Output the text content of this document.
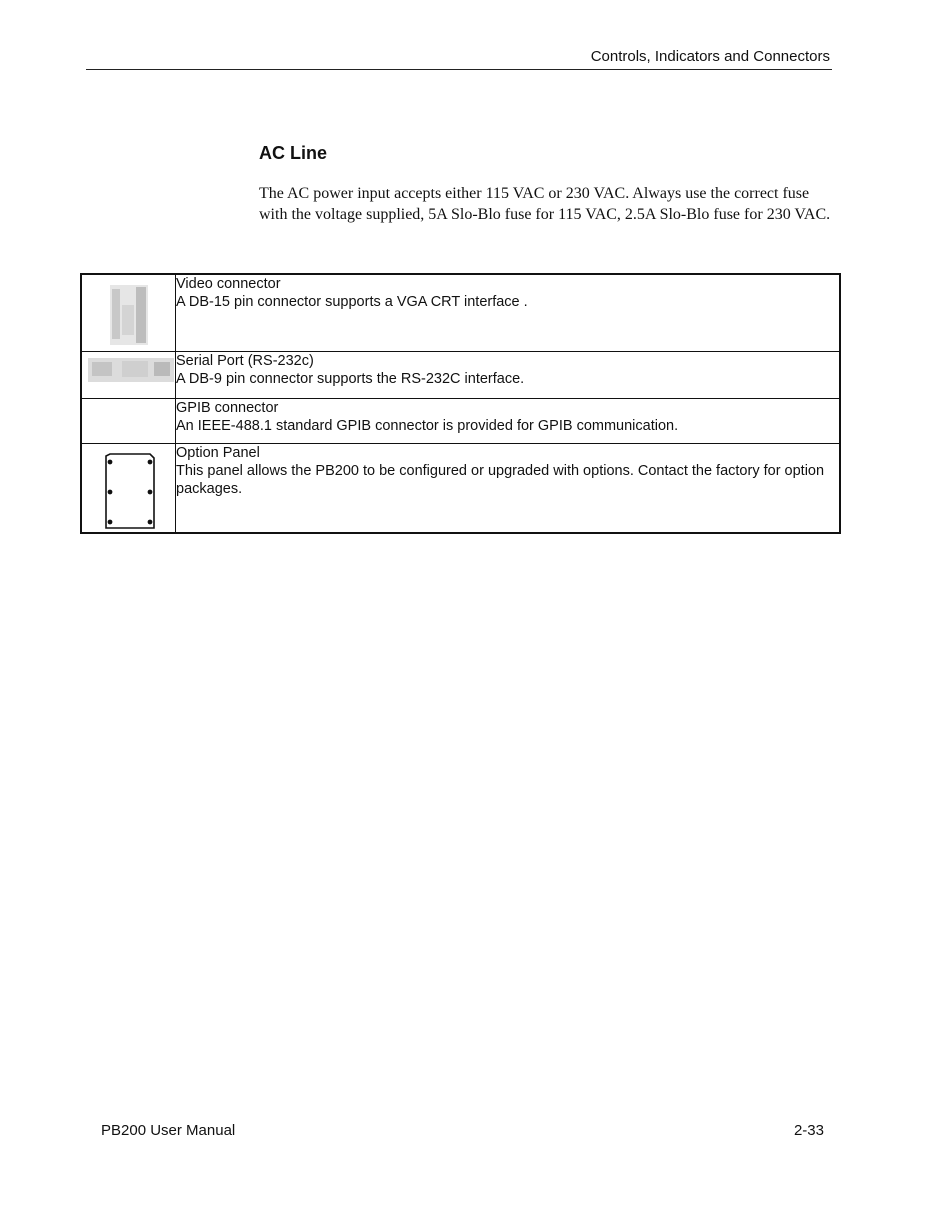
Controls, Indicators and Connectors
AC Line
The AC power input accepts either 115 VAC or 230 VAC. Always use the correct fuse with the voltage supplied, 5A Slo-Blo fuse for 115 VAC, 2.5A Slo-Blo fuse for 230 VAC.

Video connector
A DB-15 pin connector supports a VGA CRT interface .

Serial Port (RS-232c)
A DB-9 pin connector supports the RS-232C interface.

	GPIB connector
An IEEE-488.1 standard GPIB connector is provided for GPIB communication.

Option Panel
This panel allows the PB200 to be configured or upgraded with options. Contact the factory for option packages.
PB200 User Manual	2-33
